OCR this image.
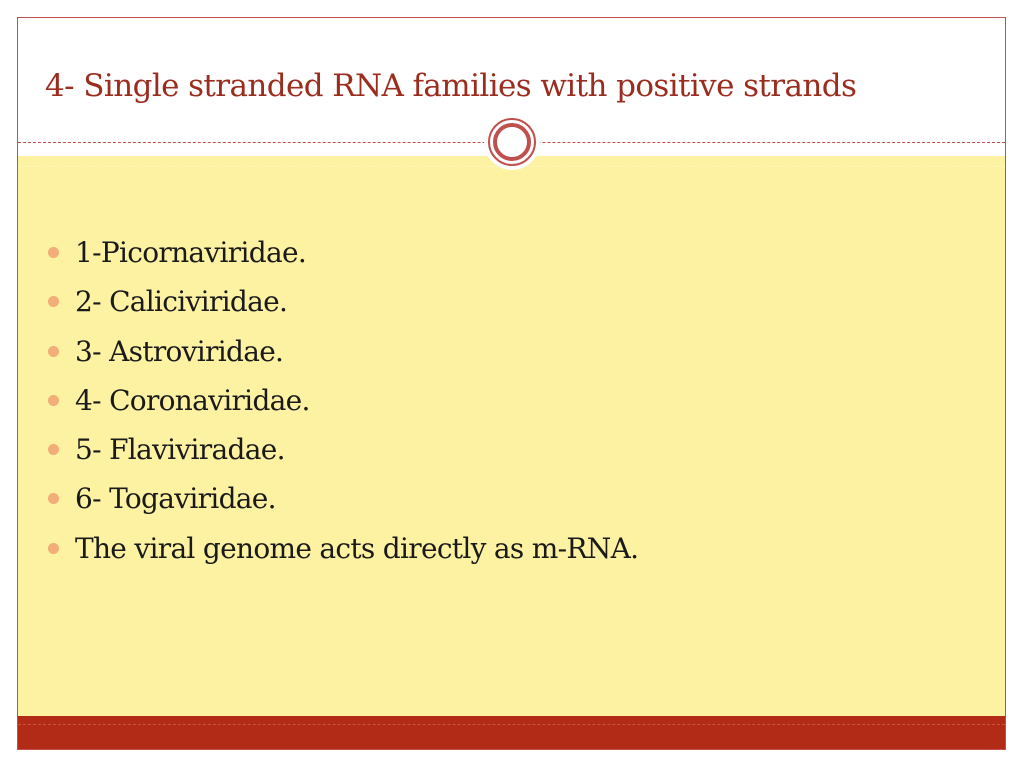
4- Single stranded RNA families with positive strands
1-Picornaviridae.
2- Caliciviridae.
3- Astroviridae.
4- Coronaviridae.
5- Flaviviradae.
6- Togaviridae.
The viral genome acts directly as m-RNA.
